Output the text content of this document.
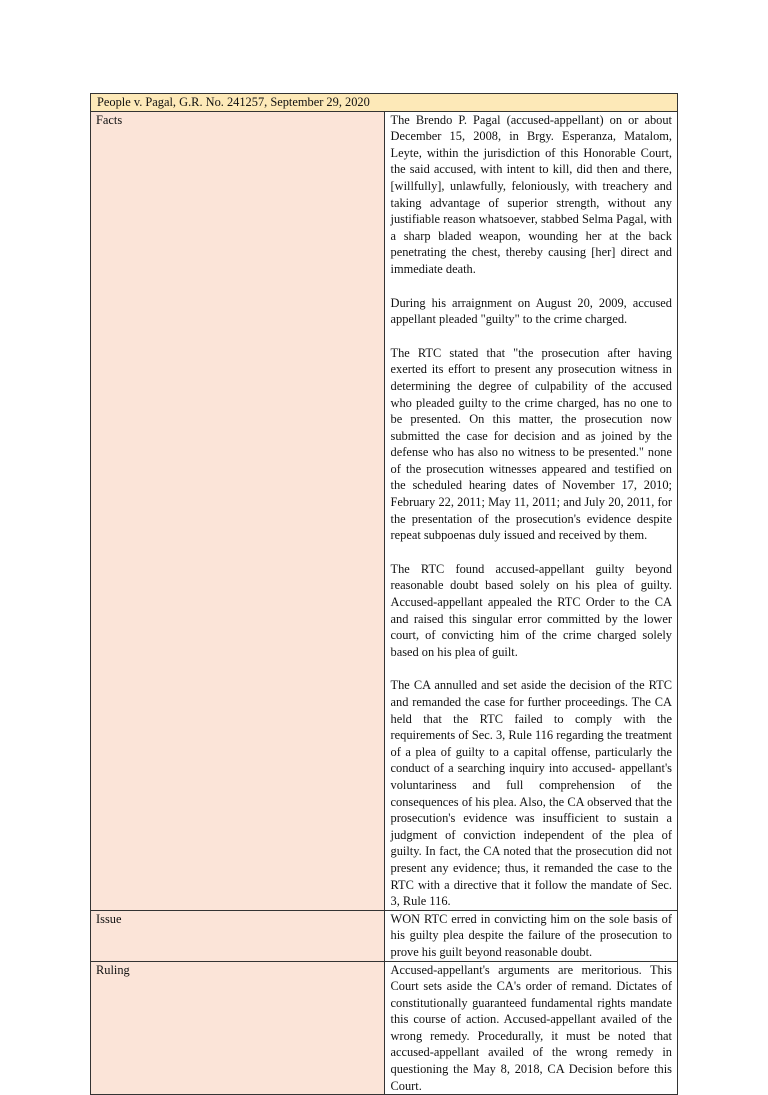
People v. Pagal, G.R. No. 241257, September 29, 2020	
Facts	The Brendo P. Pagal (accused-appellant) on or about December 15, 2008, in Brgy. Esperanza, Matalom, Leyte, within the jurisdiction of this Honorable Court, the said accused, with intent to kill, did then and there, [willfully], unlawfully, feloniously, with treachery and taking advantage of superior strength, without any justifiable reason whatsoever, stabbed Selma Pagal, with a sharp bladed weapon, wounding her at the back penetrating the chest, thereby causing [her] direct and immediate death.

During his arraignment on August 20, 2009, accused appellant pleaded "guilty" to the crime charged.

The RTC stated that "the prosecution after having exerted its effort to present any prosecution witness in determining the degree of culpability of the accused who pleaded guilty to the crime charged, has no one to be presented. On this matter, the prosecution now submitted the case for decision and as joined by the defense who has also no witness to be presented." none of the prosecution witnesses appeared and testified on the scheduled hearing dates of November 17, 2010; February 22, 2011; May 11, 2011; and July 20, 2011, for the presentation of the prosecution's evidence despite repeat subpoenas duly issued and received by them.

The RTC found accused-appellant guilty beyond reasonable doubt based solely on his plea of guilty. Accused-appellant appealed the RTC Order to the CA and raised this singular error committed by the lower court, of convicting him of the crime charged solely based on his plea of guilt.

The CA annulled and set aside the decision of the RTC and remanded the case for further proceedings. The CA held that the RTC failed to comply with the requirements of Sec. 3, Rule 116 regarding the treatment of a plea of guilty to a capital offense, particularly the conduct of a searching inquiry into accused- appellant's voluntariness and full comprehension of the consequences of his plea. Also, the CA observed that the prosecution's evidence was insufficient to sustain a judgment of conviction independent of the plea of guilty. In fact, the CA noted that the prosecution did not present any evidence; thus, it remanded the case to the RTC with a directive that it follow the mandate of Sec. 3, Rule 116.

Issue	WON RTC erred in convicting him on the sole basis of his guilty plea despite the failure of the prosecution to prove his guilt beyond reasonable doubt.

Ruling	Accused-appellant's arguments are meritorious. This Court sets aside the CA's order of remand. Dictates of constitutionally guaranteed fundamental rights mandate this course of action. Accused-appellant availed of the wrong remedy. Procedurally, it must be noted that accused-appellant availed of the wrong remedy in questioning the May 8, 2018, CA Decision before this Court.
